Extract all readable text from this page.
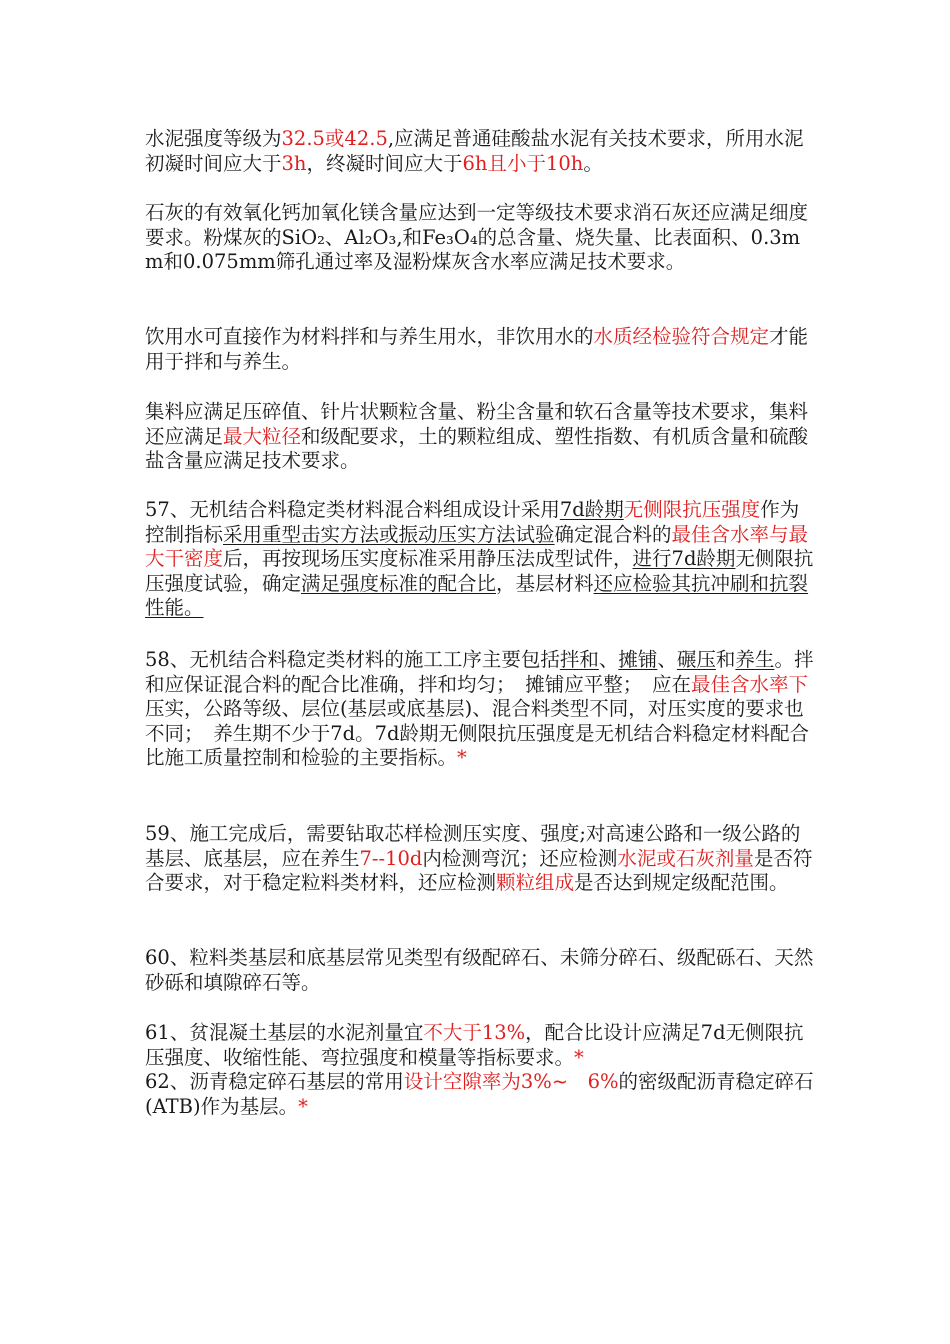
水泥强度等级为32.5或42.5,应满足普通硅酸盐水泥有关技术要求，所用水泥初凝时间应大于3h，终凝时间应大于6h且小于10h。

石灰的有效氧化钙加氧化镁含量应达到一定等级技术要求消石灰还应满足细度要求。粉煤灰的SiO₂、Al₂O₃,和Fe₃O₄的总含量、烧失量、比表面积、0.3mm和0.075mm筛孔通过率及湿粉煤灰含水率应满足技术要求。

饮用水可直接作为材料拌和与养生用水，非饮用水的水质经检验符合规定才能用于拌和与养生。

集料应满足压碎值、针片状颗粒含量、粉尘含量和软石含量等技术要求，集料还应满足最大粒径和级配要求，土的颗粒组成、塑性指数、有机质含量和硫酸盐含量应满足技术要求。

57、无机结合料稳定类材料混合料组成设计采用7d龄期无侧限抗压强度作为控制指标采用重型击实方法或振动压实方法试验确定混合料的最佳含水率与最大干密度后，再按现场压实度标准采用静压法成型试件，进行7d龄期无侧限抗压强度试验，确定满足强度标准的配合比，基层材料还应检验其抗冲刷和抗裂性能。

58、无机结合料稳定类材料的施工工序主要包括拌和、摊铺、碾压和养生。拌和应保证混合料的配合比准确，拌和均匀；　摊铺应平整；　应在最佳含水率下压实，公路等级、层位(基层或底基层)、混合料类型不同，对压实度的要求也不同；　养生期不少于7d。7d龄期无侧限抗压强度是无机结合料稳定材料配合比施工质量控制和检验的主要指标。*

59、施工完成后，需要钻取芯样检测压实度、强度;对高速公路和一级公路的基层、底基层，应在养生7--10d内检测弯沉；还应检测水泥或石灰剂量是否符合要求，对于稳定粒料类材料，还应检测颗粒组成是否达到规定级配范围。

60、粒料类基层和底基层常见类型有级配碎石、未筛分碎石、级配砾石、天然砂砾和填隙碎石等。

61、贫混凝土基层的水泥剂量宜不大于13%，配合比设计应满足7d无侧限抗压强度、收缩性能、弯拉强度和模量等指标要求。*

62、沥青稳定碎石基层的常用设计空隙率为3%~　6%的密级配沥青稳定碎石(ATB)作为基层。*
